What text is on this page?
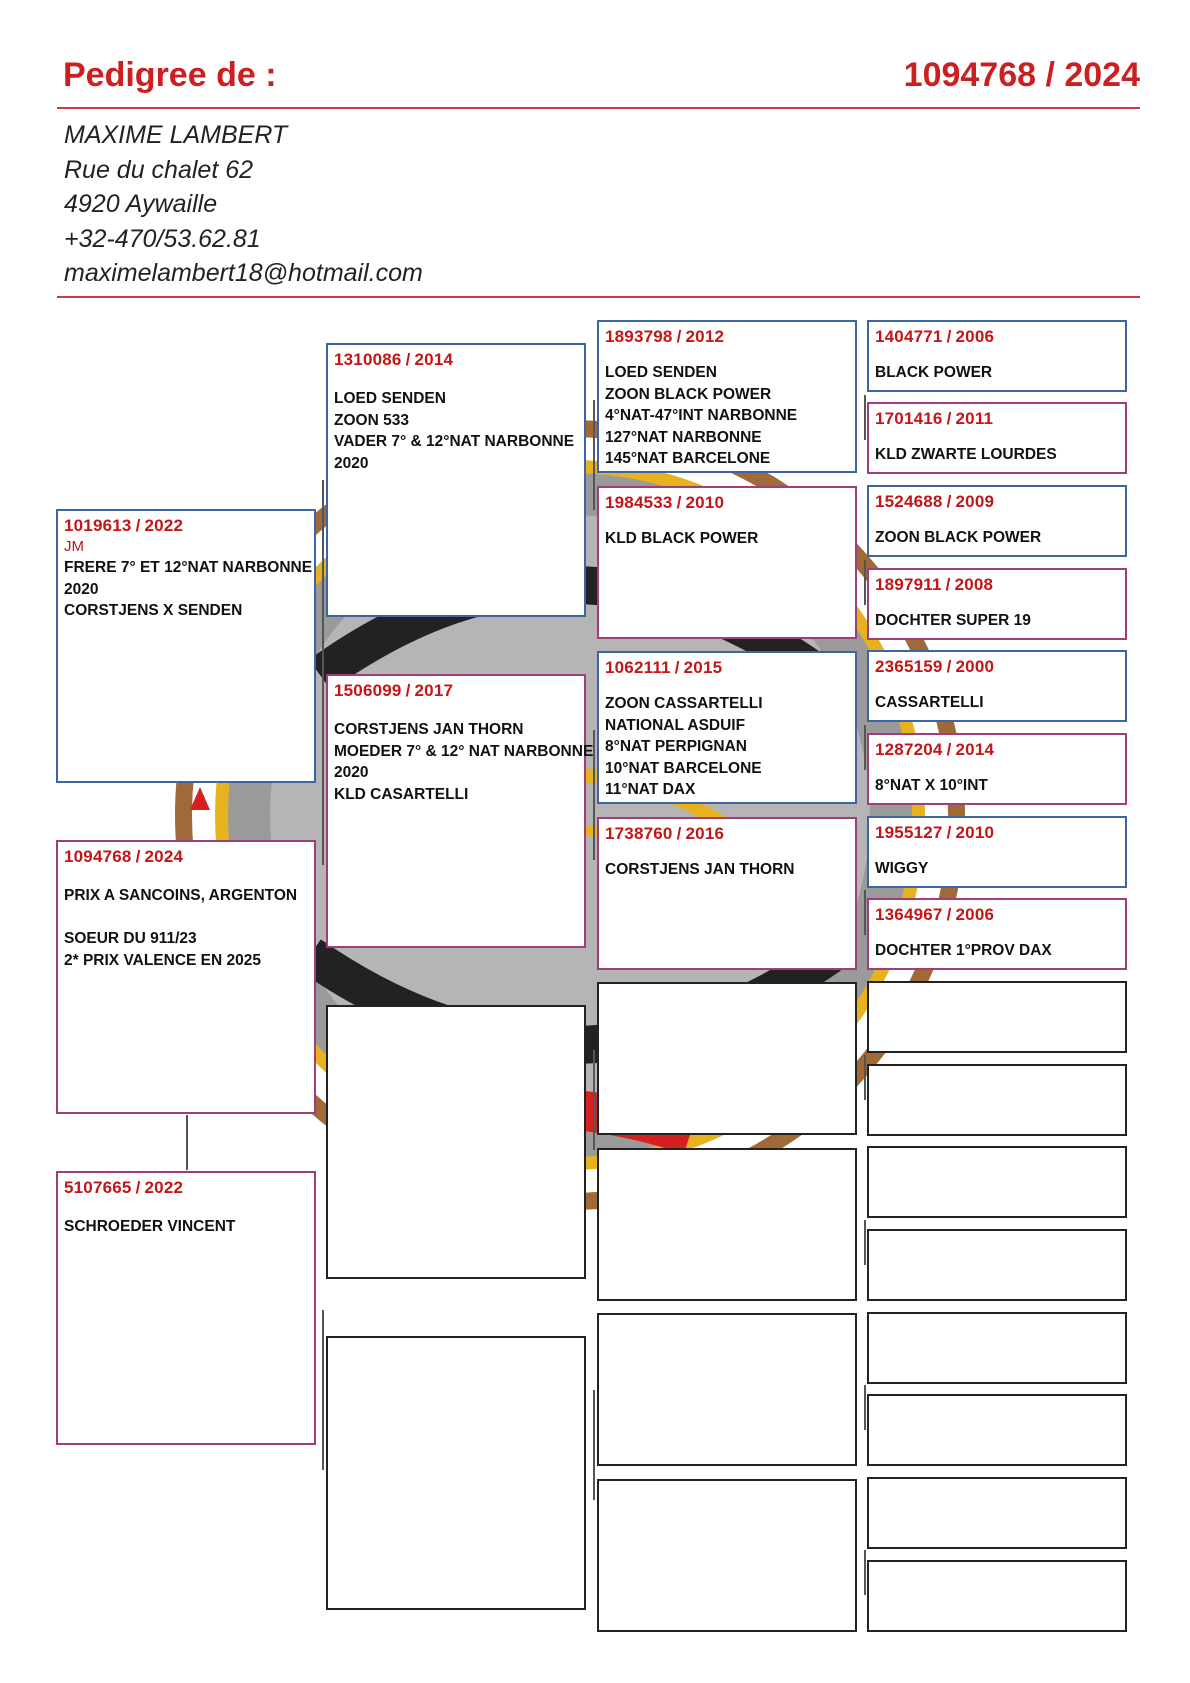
Pedigree de :	1094768 / 2024
MAXIME LAMBERT
Rue du chalet 62
4920 Aywaille
+32-470/53.62.81
maximelambert18@hotmail.com
1019613 / 2022
JM
FRERE 7° ET 12°NAT NARBONNE
2020
CORSTJENS X SENDEN
1094768 / 2024
PRIX A SANCOINS, ARGENTON
SOEUR DU 911/23
2* PRIX VALENCE EN 2025
5107665 / 2022
SCHROEDER VINCENT
1310086 / 2014
LOED SENDEN
ZOON 533
VADER 7° & 12°NAT NARBONNE
2020
1506099 / 2017
CORSTJENS JAN THORN
MOEDER 7° & 12° NAT NARBONNE
2020
KLD CASARTELLI
1893798 / 2012
LOED SENDEN
ZOON BLACK POWER
4°NAT-47°INT NARBONNE
127°NAT NARBONNE
145°NAT BARCELONE
1984533 / 2010
KLD BLACK POWER
1062111 / 2015
ZOON CASSARTELLI
NATIONAL ASDUIF
8°NAT PERPIGNAN
10°NAT BARCELONE
11°NAT DAX
1738760 / 2016
CORSTJENS JAN THORN
1404771 / 2006
BLACK POWER
1701416 / 2011
KLD ZWARTE LOURDES
1524688 / 2009
ZOON BLACK POWER
1897911 / 2008
DOCHTER SUPER 19
2365159 / 2000
CASSARTELLI
1287204 / 2014
8°NAT X 10°INT
1955127 / 2010
WIGGY
1364967 / 2006
DOCHTER 1°PROV DAX
